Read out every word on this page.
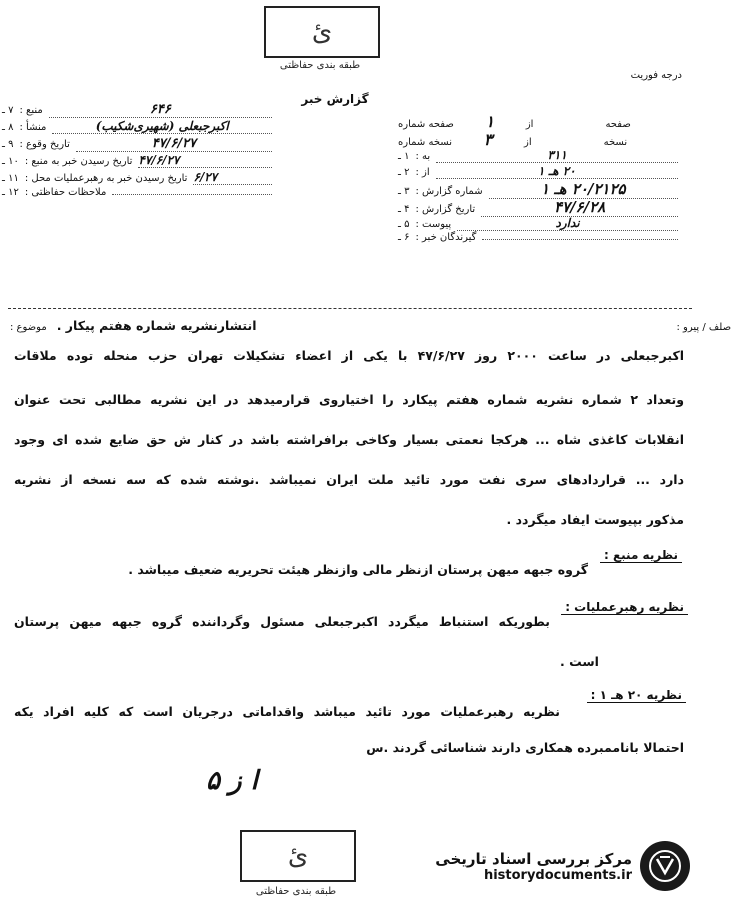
ئ
طبقه بندی حفاظتی
درجه فوریت
گزارش خبر
۷ ـ منبع :	۶۴۶
۸ ـ منشأ :	اکبرجبعلی (شهیری‌شکیب)
۹ ـ تاریخ وقوع :	۴۷/۶/۲۷
۱۰ ـ تاریخ رسیدن خبر به منبع : ۴۷/۶/۲۷
۱۱ ـ تاریخ رسیدن خبر به رهبرعملیات محل : ۶/۲۷
۱۲ ـ ملاحظات حفاظتی :
صفحه شماره	۱	از	صفحه
نسخه شماره	۳	از	نسخه
۱ ـ به :	۳۱۱
۲ ـ از :	۲۰ هـ ۱
۳ ـ شماره گزارش :	۲۰/۲۱۲۵ هـ ۱
۴ ـ تاریخ گزارش :	۴۷/۶/۲۸
۵ ـ پیوست :	ندارد
۶ ـ گیرندگان خبر :
موضوع : انتشارنشریه شماره هفتم پیکار .	صلف / پیرو :
اکبرجبعلی در ساعت ۲۰۰۰ روز ۴۷/۶/۲۷ با یکی از اعضاء تشکیلات تهران حزب منحله توده ملاقات
وتعداد ۲ شماره نشریه شماره هفتم پیکارد را اختیاروی قرارمیدهد در این نشریه مطالبی تحت عنوان
انقلابات کاغذی شاه ... هرکجا نعمتی بسیار وکاخی برافراشته باشد در کنار ش حق ضایع شده ای وجود
دارد ... قراردادهای سری نفت مورد تائید ملت ایران نمیباشد .نوشته شده که سه نسخه از نشریه
مذکور بپیوست ایفاد میگردد .
نظریه منبع :
گروه جبهه میهن پرستان ازنظر مالی وازنظر هیئت تحریریه ضعیف میباشد .
نظریه رهبرعملیات :
بطوریکه استنباط میگردد اکبرجبعلی مسئول وگرداننده گروه جبهه میهن پرستان
است .
نظریه ۲۰ هـ ۱ :
نظریه رهبرعملیات مورد تائید میباشد واقداماتی درجریان است که کلیه افراد یکه
احتمالا باناممبرده همکاری دارند شناسائی گردند .س
ا ز ۵
ئ
طبقه بندی حفاظتی
مرکز بررسی اسناد تاریخی
historydocuments.ir
